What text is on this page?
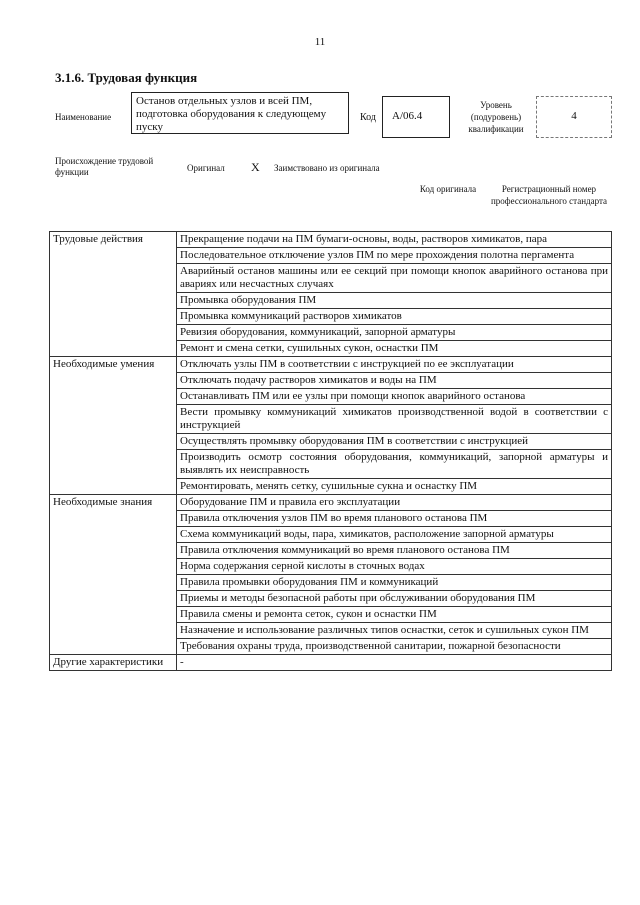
11
3.1.6. Трудовая функция
Наименование
Останов отдельных узлов и всей ПМ, подготовка оборудования к следующему пуску
Код	А/06.4
Уровень (подуровень) квалификации
4
Происхождение трудовой функции	Оригинал X Заимствовано из оригинала
Код оригинала	Регистрационный номер профессионального стандарта
Трудовые действия	Прекращение подачи на ПМ бумаги-основы, воды, растворов химикатов, пара
	Последовательное отключение узлов ПМ по мере прохождения полотна пергамента
	Аварийный останов машины или ее секций при помощи кнопок аварийного останова при авариях или несчастных случаях
	Промывка оборудования ПМ
	Промывка коммуникаций растворов химикатов
	Ревизия оборудования, коммуникаций, запорной арматуры
	Ремонт и смена сетки, сушильных сукон, оснастки ПМ
Необходимые умения	Отключать узлы ПМ в соответствии с инструкцией по ее эксплуатации
	Отключать подачу растворов химикатов и воды на ПМ
	Останавливать ПМ или ее узлы при помощи кнопок аварийного останова
	Вести промывку коммуникаций химикатов производственной водой в соответствии с инструкцией
	Осуществлять промывку оборудования ПМ в соответствии с инструкцией
	Производить осмотр состояния оборудования, коммуникаций, запорной арматуры и выявлять их неисправность
	Ремонтировать, менять сетку, сушильные сукна и оснастку ПМ
Необходимые знания	Оборудование ПМ и правила его эксплуатации
	Правила отключения узлов ПМ во время планового останова ПМ
	Схема коммуникаций воды, пара, химикатов, расположение запорной арматуры
	Правила отключения коммуникаций во время планового останова ПМ
	Норма содержания серной кислоты в сточных водах
	Правила промывки оборудования ПМ и коммуникаций
	Приемы и методы безопасной работы при обслуживании оборудования ПМ
	Правила смены и ремонта сеток, сукон и оснастки ПМ
	Назначение и использование различных типов оснастки, сеток и сушильных сукон ПМ
	Требования охраны труда, производственной санитарии, пожарной безопасности
Другие характеристики	-
